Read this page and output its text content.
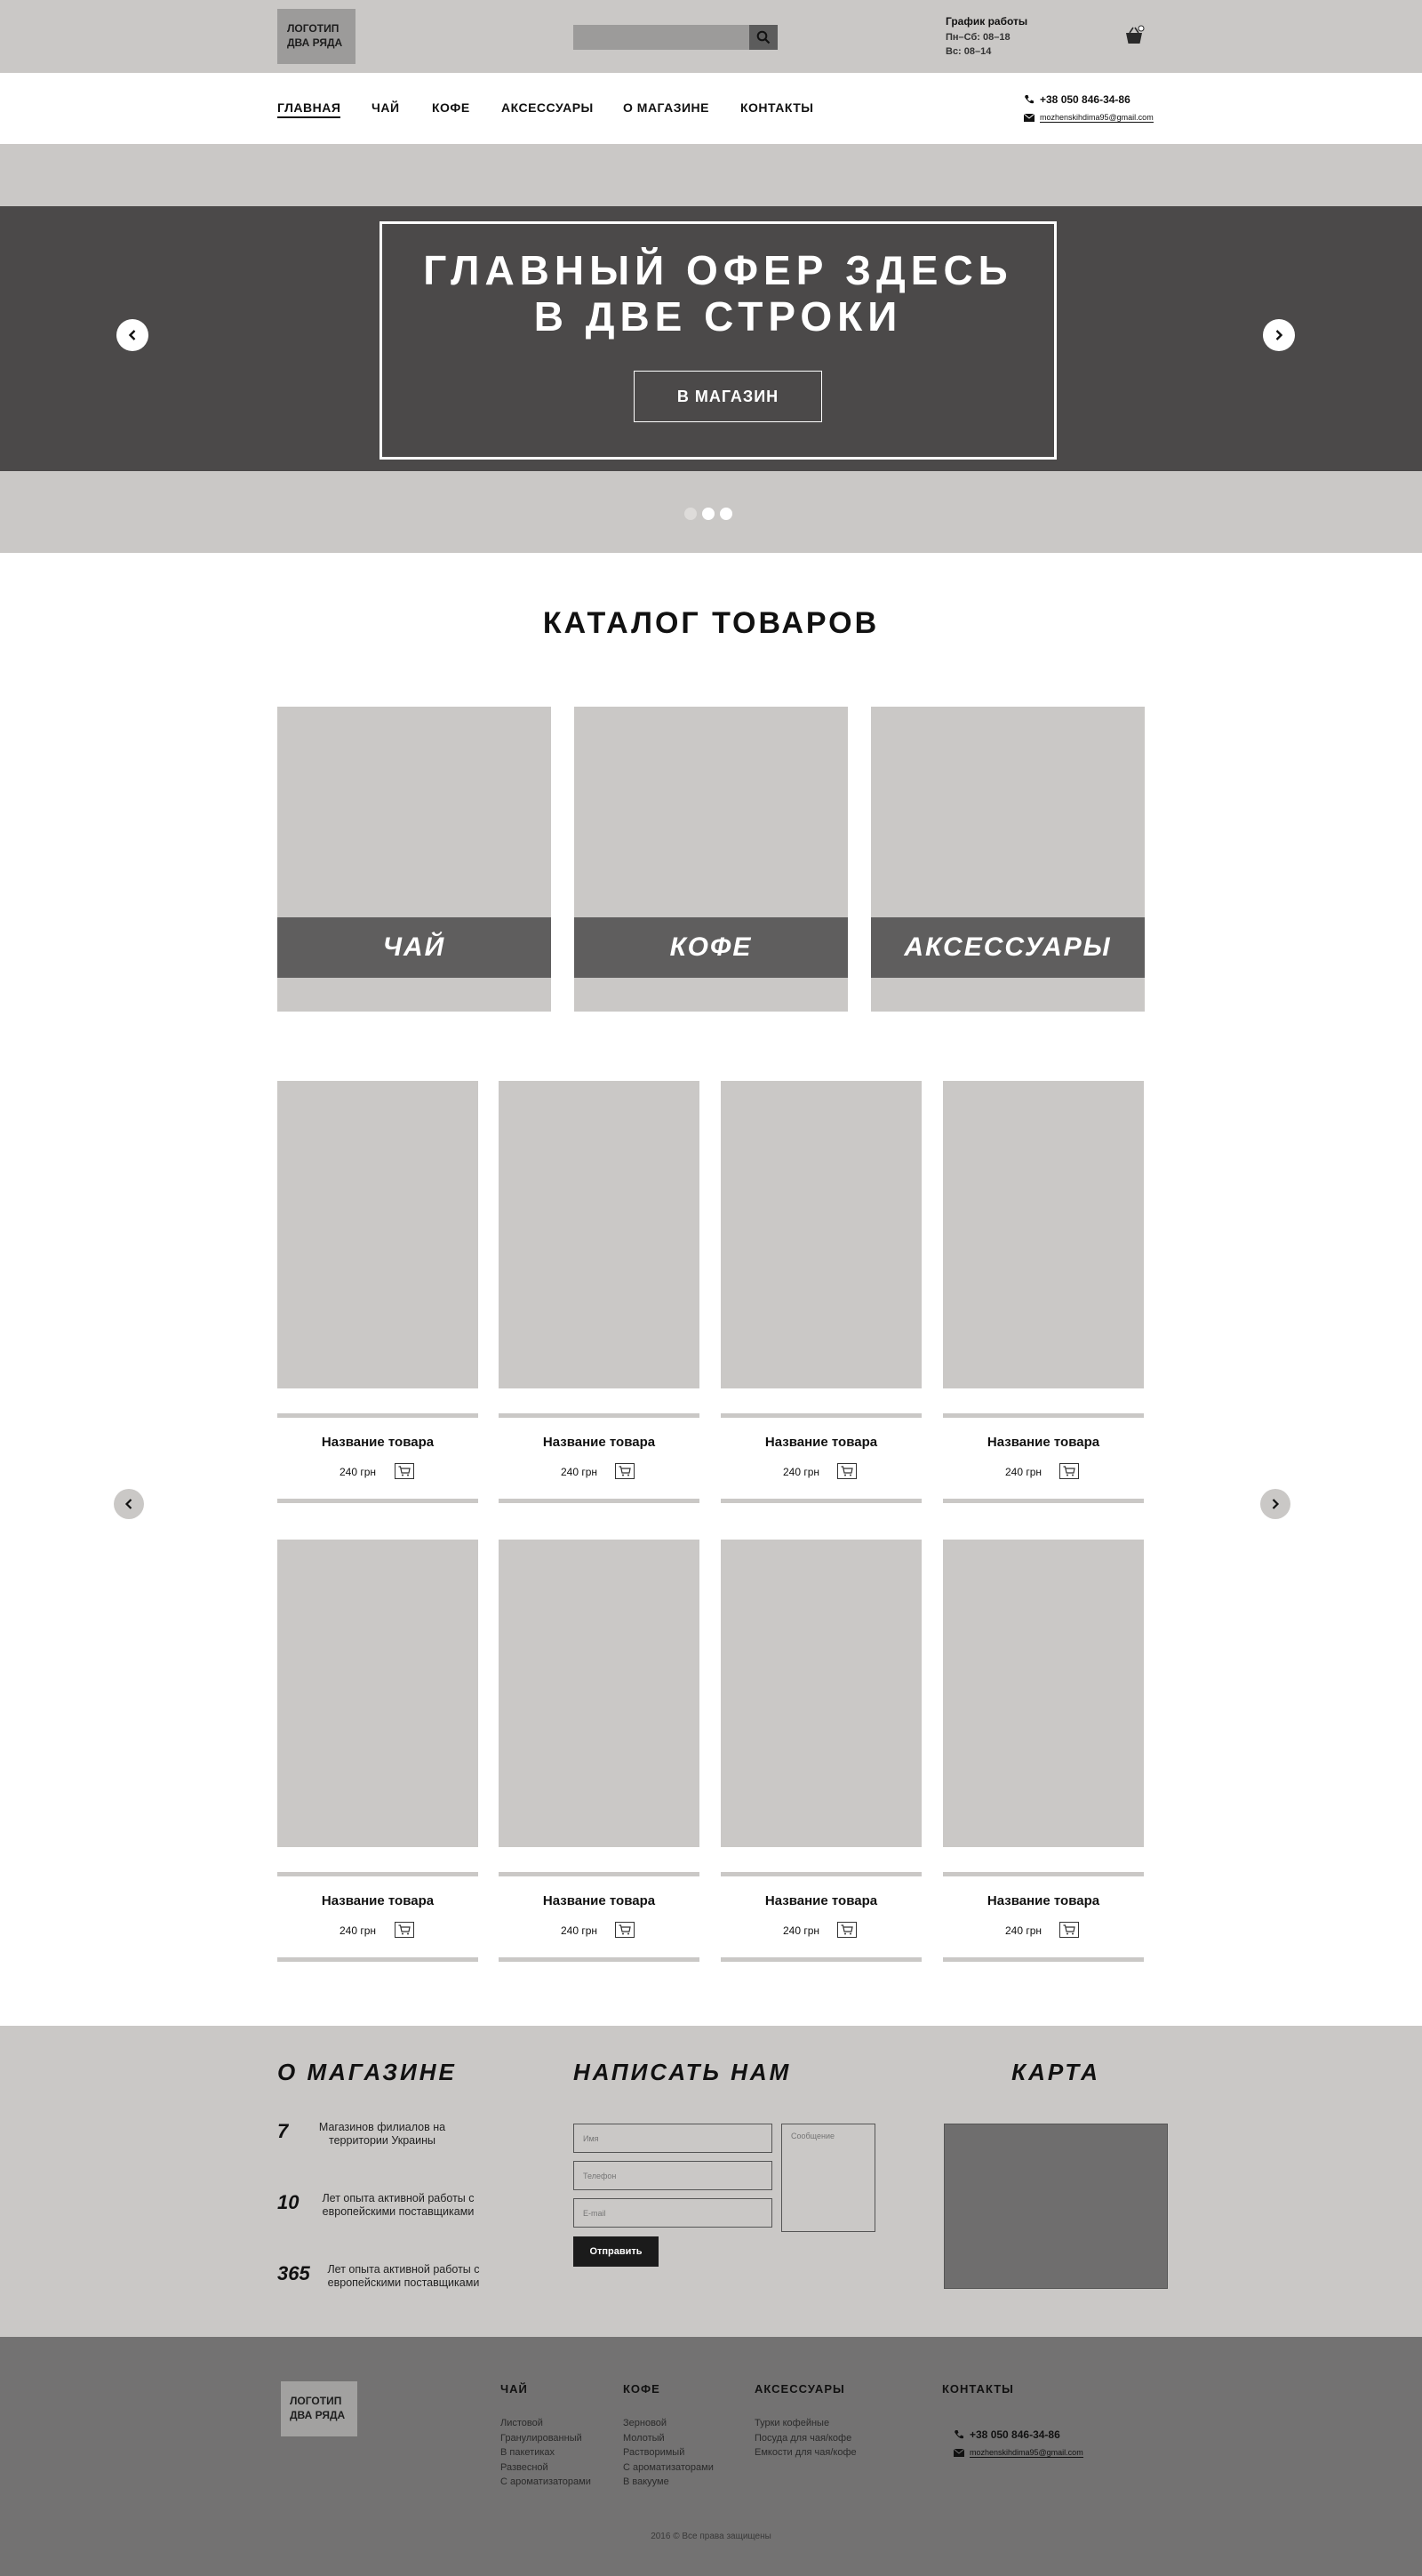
ЛОГОТИП
ДВА РЯДА
График работы
Пн–Сб: 08–18
Вс: 08–14
ГЛАВНАЯ ЧАЙ	КОФЕ	АКСЕССУАРЫ О МАГАЗИНЕ	КОНТАКТЫ
+38 050 846-34-86
mozhenskihdima95@gmail.com
ГЛАВНЫЙ ОФЕР ЗДЕСЬ
В ДВЕ СТРОКИ
В МАГАЗИН
КАТАЛОГ ТОВАРОВ
ЧАЙ	КОФЕ	АКСЕССУАРЫ
Название товара	Название товара	Название товара	Название товара
240 грн	240 грн	240 грн	240 грн
Название товара	Название товара	Название товара	Название товара
240 грн	240 грн	240 грн	240 грн
О МАГАЗИНЕ
7	Магазинов филиалов на территории Украины
10	Лет опыта активной работы с европейскими поставщиками
365	Лет опыта активной работы с европейскими поставщиками
НАПИСАТЬ НАМ
Имя
Телефон
E-mail
Сообщение
Отправить
КАРТА
ЛОГОТИП
ДВА РЯДА
ЧАЙ
Листовой
Гранулированный
В пакетиках
Развесной
С ароматизаторами
КОФЕ
Зерновой
Молотый
Растворимый
С ароматизаторами
В вакууме
АКСЕССУАРЫ
Турки кофейные
Посуда для чая/кофе
Емкости для чая/кофе
КОНТАКТЫ
+38 050 846-34-86
mozhenskihdima95@gmail.com
2016 © Все права защищены
